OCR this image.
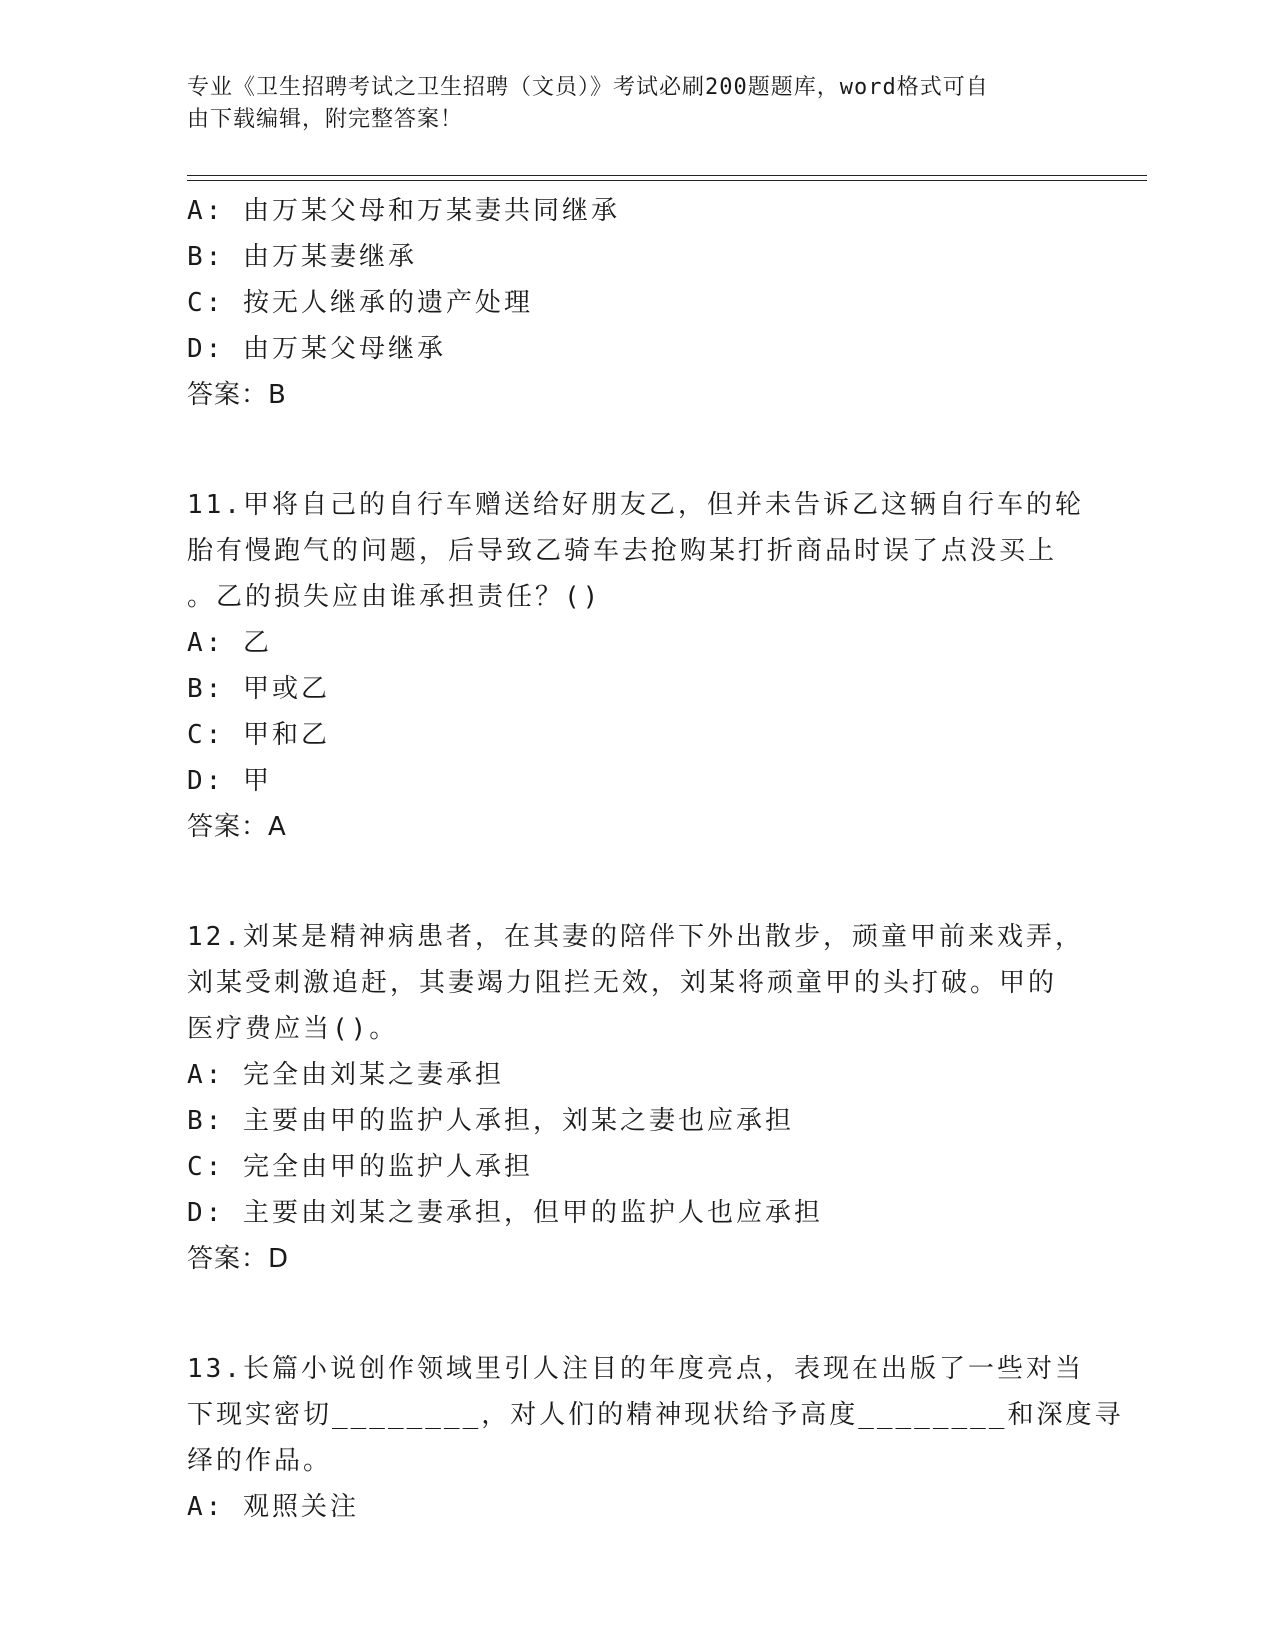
专业《卫生招聘考试之卫生招聘（文员）》考试必刷200题题库，word格式可自
由下载编辑，附完整答案！
A: 由万某父母和万某妻共同继承
B: 由万某妻继承
C: 按无人继承的遗产处理
D: 由万某父母继承
答案：B
11.甲将自己的自行车赠送给好朋友乙，但并未告诉乙这辆自行车的轮
胎有慢跑气的问题，后导致乙骑车去抢购某打折商品时误了点没买上
。乙的损失应由谁承担责任？()
A: 乙
B: 甲或乙
C: 甲和乙
D: 甲
答案：A
12.刘某是精神病患者，在其妻的陪伴下外出散步，顽童甲前来戏弄，
刘某受刺激追赶，其妻竭力阻拦无效，刘某将顽童甲的头打破。甲的
医疗费应当()。
A: 完全由刘某之妻承担
B: 主要由甲的监护人承担，刘某之妻也应承担
C: 完全由甲的监护人承担
D: 主要由刘某之妻承担，但甲的监护人也应承担
答案：D
13.长篇小说创作领域里引人注目的年度亮点，表现在出版了一些对当
下现实密切________，对人们的精神现状给予高度________和深度寻
绎的作品。
A: 观照关注
